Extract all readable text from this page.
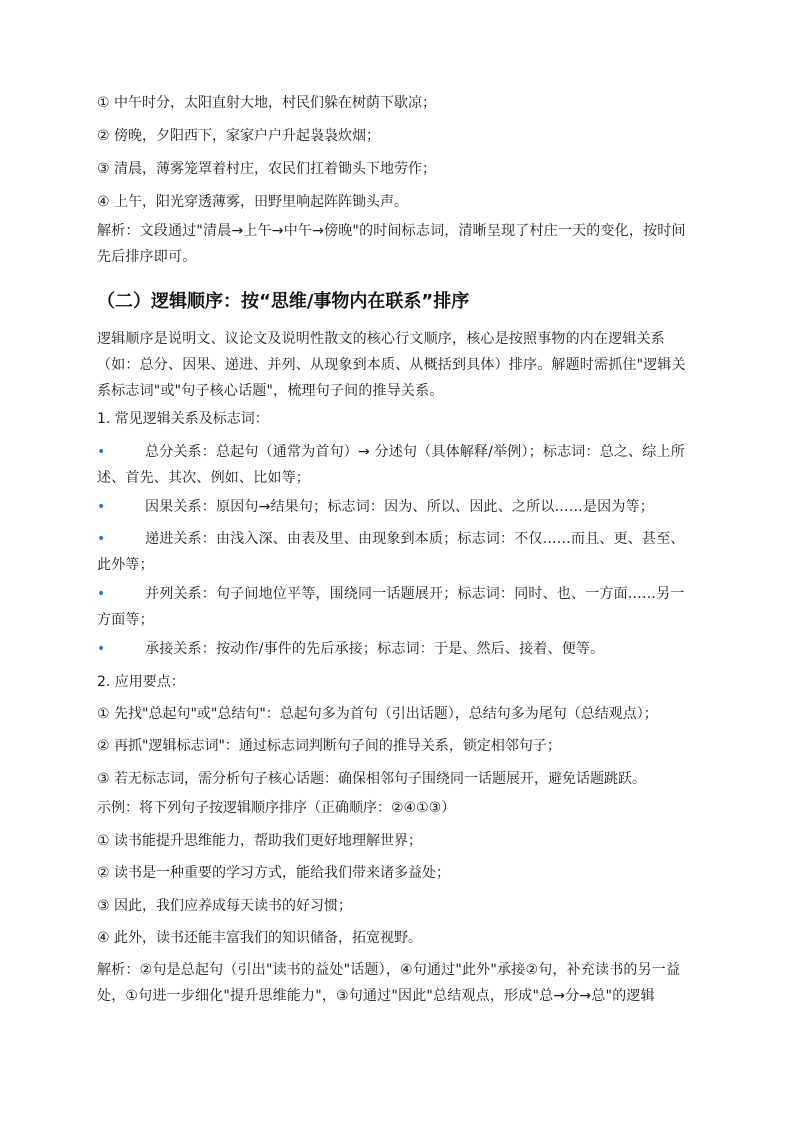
① 中午时分，太阳直射大地，村民们躲在树荫下歇凉；

② 傍晚，夕阳西下，家家户户升起袅袅炊烟；

③ 清晨，薄雾笼罩着村庄，农民们扛着锄头下地劳作；

④ 上午，阳光穿透薄雾，田野里响起阵阵锄头声。

解析：文段通过"清晨→上午→中午→傍晚"的时间标志词，清晰呈现了村庄一天的变化，按时间先后排序即可。

（二）逻辑顺序：按“思维/事物内在联系”排序

逻辑顺序是说明文、议论文及说明性散文的核心行文顺序，核心是按照事物的内在逻辑关系（如：总分、因果、递进、并列、从现象到本质、从概括到具体）排序。解题时需抓住"逻辑关系标志词"或"句子核心话题"，梳理句子间的推导关系。

1. 常见逻辑关系及标志词：

•	总分关系：总起句（通常为首句）→ 分述句（具体解释/举例）；标志词：总之、综上所述、首先、其次、例如、比如等；
•	因果关系：原因句→结果句；标志词：因为、所以、因此、之所以……是因为等；
•	递进关系：由浅入深、由表及里、由现象到本质；标志词：不仅……而且、更、甚至、此外等；
•	并列关系：句子间地位平等，围绕同一话题展开；标志词：同时、也、一方面……另一方面等；
•	承接关系：按动作/事件的先后承接；标志词：于是、然后、接着、便等。

2. 应用要点：

① 先找"总起句"或"总结句"：总起句多为首句（引出话题），总结句多为尾句（总结观点）；

② 再抓"逻辑标志词"：通过标志词判断句子间的推导关系，锁定相邻句子；

③ 若无标志词，需分析句子核心话题：确保相邻句子围绕同一话题展开，避免话题跳跃。

示例：将下列句子按逻辑顺序排序（正确顺序：②④①③）

① 读书能提升思维能力，帮助我们更好地理解世界；

② 读书是一种重要的学习方式，能给我们带来诸多益处；

③ 因此，我们应养成每天读书的好习惯；

④ 此外，读书还能丰富我们的知识储备，拓宽视野。

解析：②句是总起句（引出"读书的益处"话题），④句通过"此外"承接②句，补充读书的另一益处，①句进一步细化"提升思维能力"，③句通过"因此"总结观点，形成"总→分→总"的逻辑
